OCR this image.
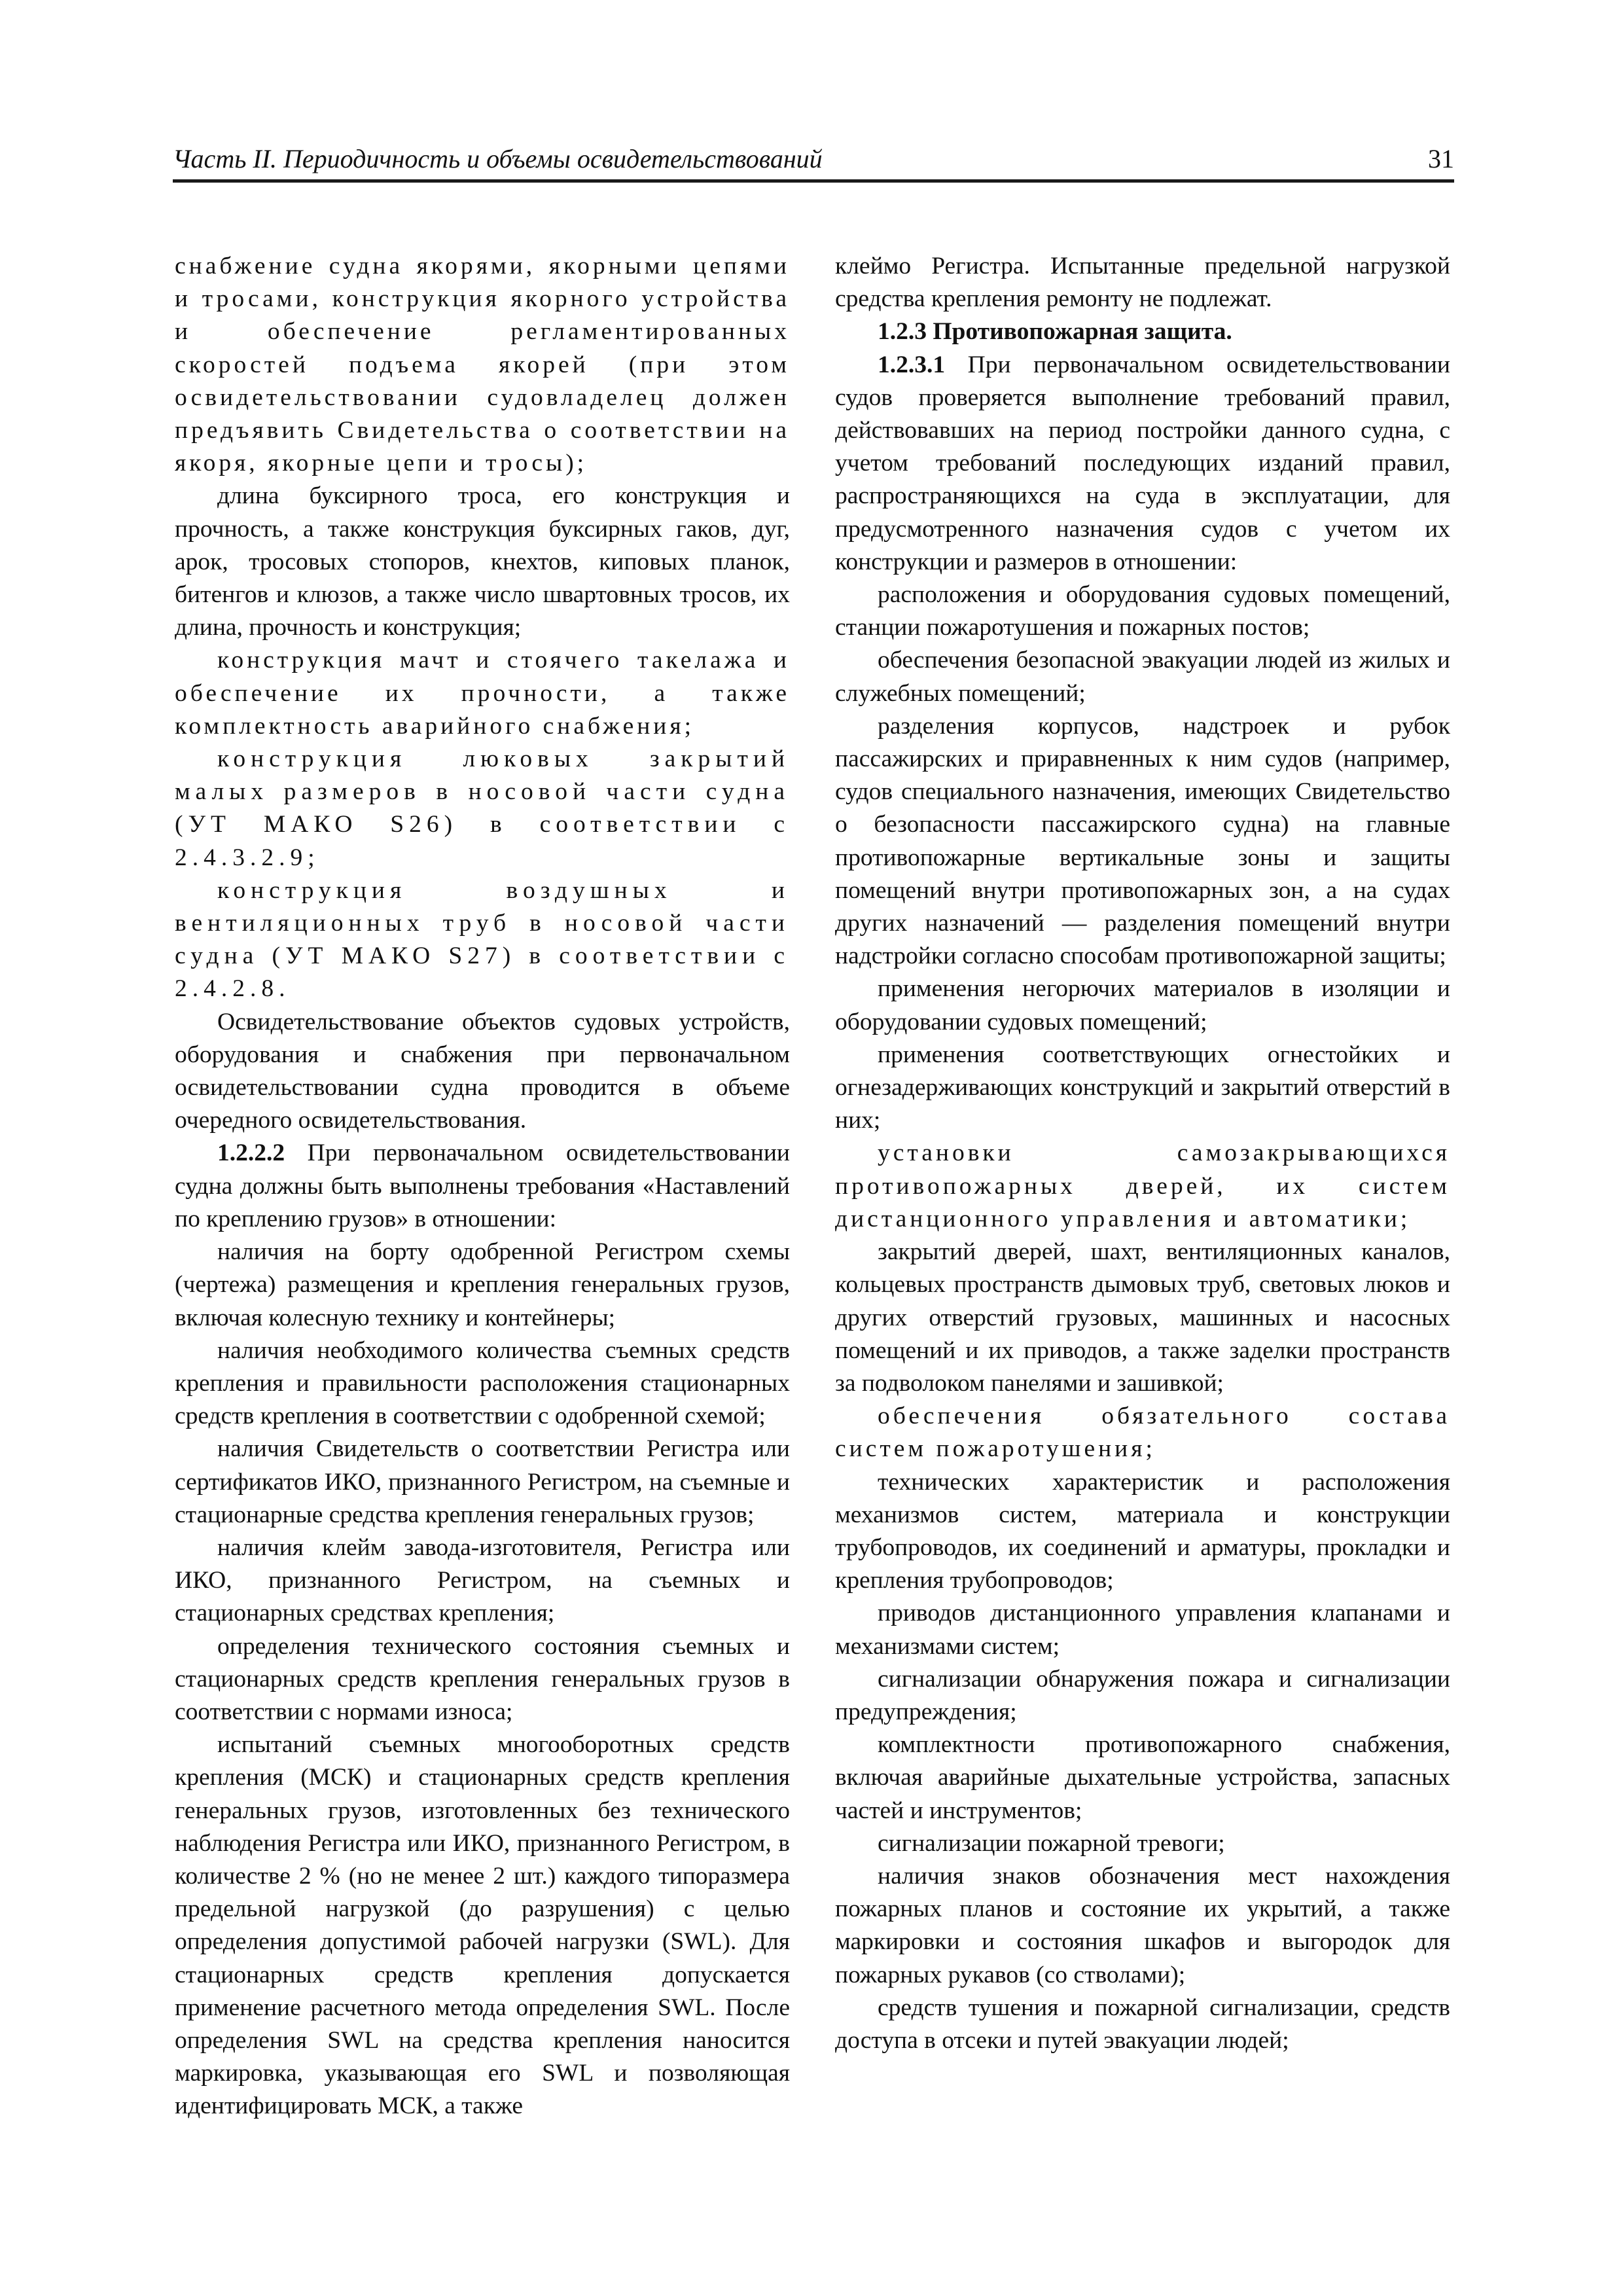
Часть II. Периодичность и объемы освидетельствований	31

снабжение судна якорями, якорными цепями и тросами, конструкция якорного устройства и обеспечение регламентированных скоростей подъема якорей (при этом освидетельствовании судовладелец должен предъявить Свидетельства о соответствии на якоря, якорные цепи и тросы);

длина буксирного троса, его конструкция и прочность, а также конструкция буксирных гаков, дуг, арок, тросовых стопоров, кнехтов, киповых планок, битенгов и клюзов, а также число швартовных тросов, их длина, прочность и конструкция;

конструкция мачт и стоячего такелажа и обеспечение их прочности, а также комплектность аварийного снабжения;

конструкция люковых закрытий малых размеров в носовой части судна (УТ МАКО S26) в соответствии с 2.4.3.2.9;

конструкция воздушных и вентиляционных труб в носовой части судна (УТ МАКО S27) в соответствии с 2.4.2.8.

Освидетельствование объектов судовых устройств, оборудования и снабжения при первоначальном освидетельствовании судна проводится в объеме очередного освидетельствования.

1.2.2.2 При первоначальном освидетельствовании судна должны быть выполнены требования «Наставлений по креплению грузов» в отношении:

наличия на борту одобренной Регистром схемы (чертежа) размещения и крепления генеральных грузов, включая колесную технику и контейнеры;

наличия необходимого количества съемных средств крепления и правильности расположения стационарных средств крепления в соответствии с одобренной схемой;

наличия Свидетельств о соответствии Регистра или сертификатов ИКО, признанного Регистром, на съемные и стационарные средства крепления генеральных грузов;

наличия клейм завода-изготовителя, Регистра или ИКО, признанного Регистром, на съемных и стационарных средствах крепления;

определения технического состояния съемных и стационарных средств крепления генеральных грузов в соответствии с нормами износа;

испытаний съемных многооборотных средств крепления (МСК) и стационарных средств крепления генеральных грузов, изготовленных без технического наблюдения Регистра или ИКО, признанного Регистром, в количестве 2 % (но не менее 2 шт.) каждого типоразмера предельной нагрузкой (до разрушения) с целью определения допустимой рабочей нагрузки (SWL). Для стационарных средств крепления допускается применение расчетного метода определения SWL. После определения SWL на средства крепления наносится маркировка, указывающая его SWL и позволяющая идентифицировать МСК, а также

клеймо Регистра. Испытанные предельной нагрузкой средства крепления ремонту не подлежат.

1.2.3 Противопожарная защита.

1.2.3.1 При первоначальном освидетельствовании судов проверяется выполнение требований правил, действовавших на период постройки данного судна, с учетом требований последующих изданий правил, распространяющихся на суда в эксплуатации, для предусмотренного назначения судов с учетом их конструкции и размеров в отношении:

расположения и оборудования судовых помещений, станции пожаротушения и пожарных постов;

обеспечения безопасной эвакуации людей из жилых и служебных помещений;

разделения корпусов, надстроек и рубок пассажирских и приравненных к ним судов (например, судов специального назначения, имеющих Свидетельство о безопасности пассажирского судна) на главные противопожарные вертикальные зоны и защиты помещений внутри противопожарных зон, а на судах других назначений — разделения помещений внутри надстройки согласно способам противопожарной защиты;

применения негорючих материалов в изоляции и оборудовании судовых помещений;

применения соответствующих огнестойких и огнезадерживающих конструкций и закрытий отверстий в них;

установки самозакрывающихся противопожарных дверей, их систем дистанционного управления и автоматики;

закрытий дверей, шахт, вентиляционных каналов, кольцевых пространств дымовых труб, световых люков и других отверстий грузовых, машинных и насосных помещений и их приводов, а также заделки пространств за подволоком панелями и зашивкой;

обеспечения обязательного состава систем пожаротушения;

технических характеристик и расположения механизмов систем, материала и конструкции трубопроводов, их соединений и арматуры, прокладки и крепления трубопроводов;

приводов дистанционного управления клапанами и механизмами систем;

сигнализации обнаружения пожара и сигнализации предупреждения;

комплектности противопожарного снабжения, включая аварийные дыхательные устройства, запасных частей и инструментов;

сигнализации пожарной тревоги;

наличия знаков обозначения мест нахождения пожарных планов и состояние их укрытий, а также маркировки и состояния шкафов и выгородок для пожарных рукавов (со стволами);

средств тушения и пожарной сигнализации, средств доступа в отсеки и путей эвакуации людей;
